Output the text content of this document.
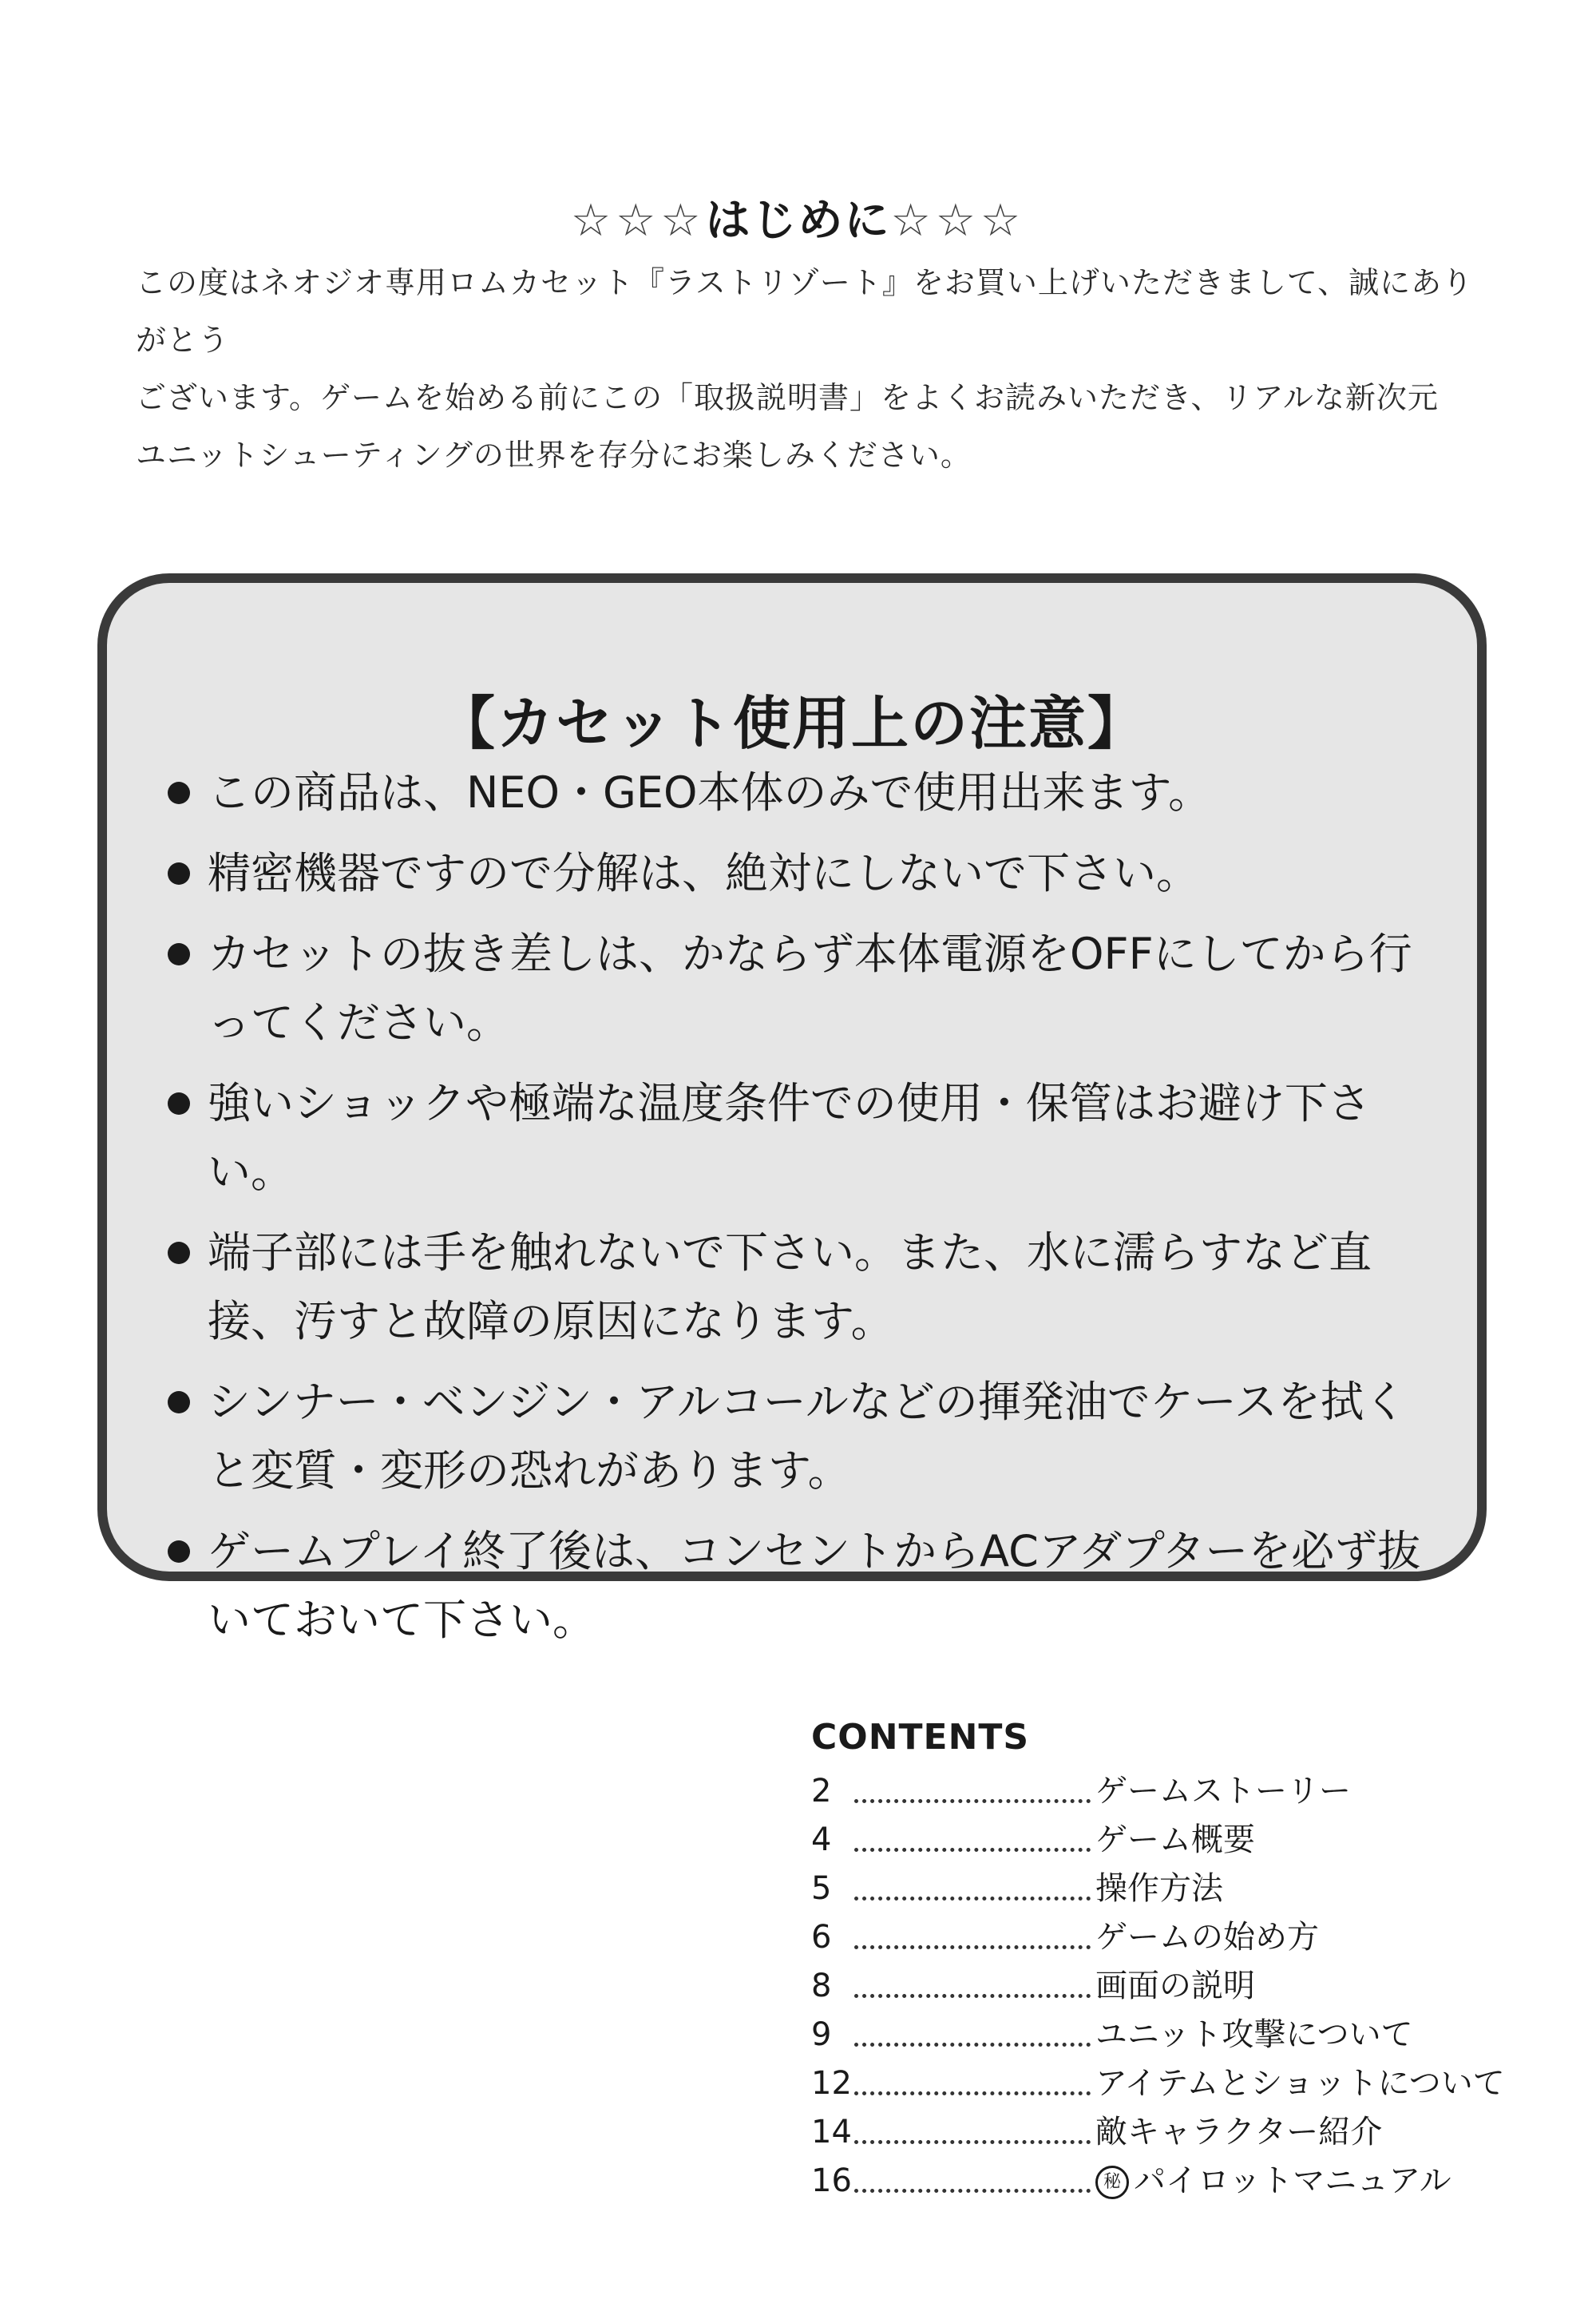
☆☆☆はじめに☆☆☆

この度はネオジオ専用ロムカセット『ラストリゾート』をお買い上げいただきまして、誠にありがとう

ございます。ゲームを始める前にこの「取扱説明書」をよくお読みいただき、リアルな新次元

ユニットシューティングの世界を存分にお楽しみください。

【カセット使用上の注意】
この商品は、NEO・GEO本体のみで使用出来ます。
精密機器ですので分解は、絶対にしないで下さい。
カセットの抜き差しは、かならず本体電源をOFFにしてから行ってください。
強いショックや極端な温度条件での使用・保管はお避け下さい。
端子部には手を触れないで下さい。また、水に濡らすなど直接、汚すと故障の原因になります。
シンナー・ベンジン・アルコールなどの揮発油でケースを拭くと変質・変形の恐れがあります。
ゲームプレイ終了後は、コンセントからACアダプターを必ず抜いておいて下さい。
CONTENTS
2	ゲームストーリー
4	ゲーム概要
5	操作方法
6	ゲームの始め方
8	画面の説明
9	ユニット攻撃について
12	アイテムとショットについて
14	敵キャラクター紹介
16	秘 パイロットマニュアル
